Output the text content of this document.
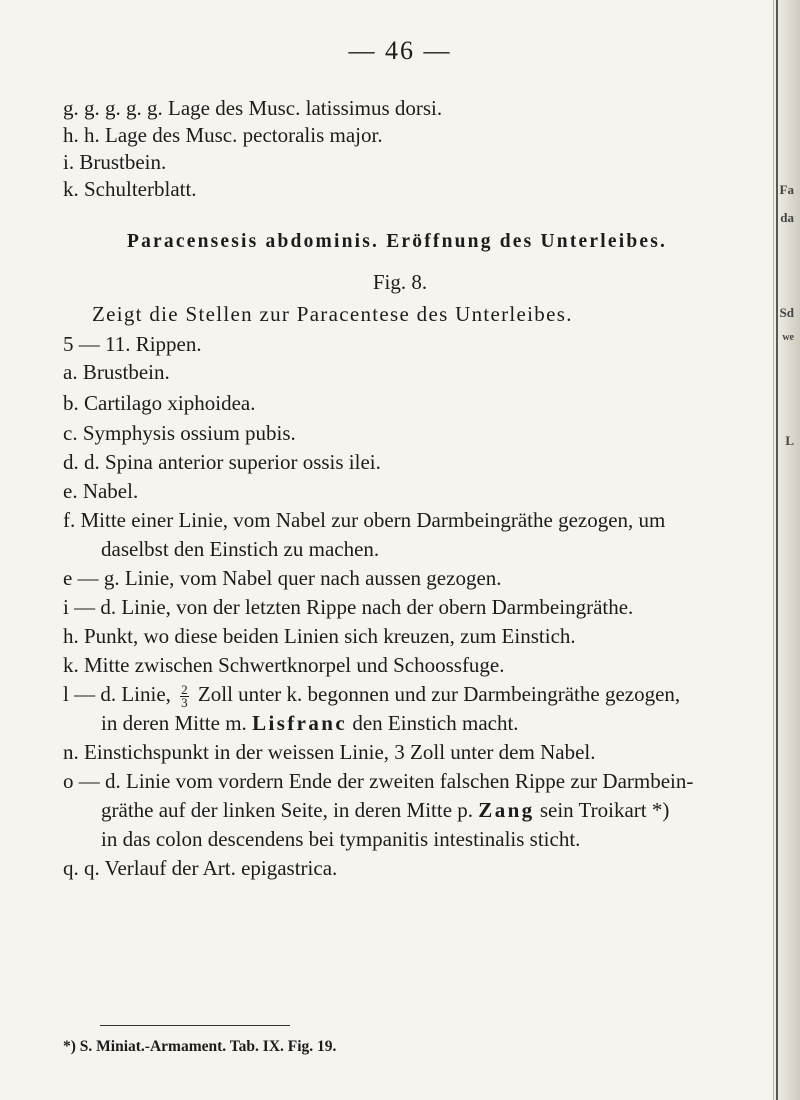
— 46 —
g. g. g. g. g. Lage des Musc. latissimus dorsi.
h. h. Lage des Musc. pectoralis major.
i. Brustbein.
k. Schulterblatt.
Paracensesis abdominis. Eröffnung des Unterleibes.
Fig. 8.
Zeigt die Stellen zur Paracentese des Unterleibes.
5 — 11. Rippen.
a. Brustbein.
b. Cartilago xiphoidea.
c. Symphysis ossium pubis.
d. d. Spina anterior superior ossis ilei.
e. Nabel.
f. Mitte einer Linie, vom Nabel zur obern Darmbeingräthe gezogen, um
daselbst den Einstich zu machen.
e — g. Linie, vom Nabel quer nach aussen gezogen.
i — d. Linie, von der letzten Rippe nach der obern Darmbeingräthe.
h. Punkt, wo diese beiden Linien sich kreuzen, zum Einstich.
k. Mitte zwischen Schwertknorpel und Schoossfuge.
l — d. Linie, $\frac{2}{3}$ Zoll unter k. begonnen und zur Darmbeingräthe gezogen,
in deren Mitte m. Lisfranc den Einstich macht.
n. Einstichspunkt in der weissen Linie, 3 Zoll unter dem Nabel.
o — d. Linie vom vordern Ende der zweiten falschen Rippe zur Darmbein-
gräthe auf der linken Seite, in deren Mitte p. Zang sein Troikart *)
in das colon descendens bei tympanitis intestinalis sticht.
q. q. Verlauf der Art. epigastrica.
*) S. Miniat.-Armament. Tab. IX. Fig. 19.
Fa
da
Sd
we
L
